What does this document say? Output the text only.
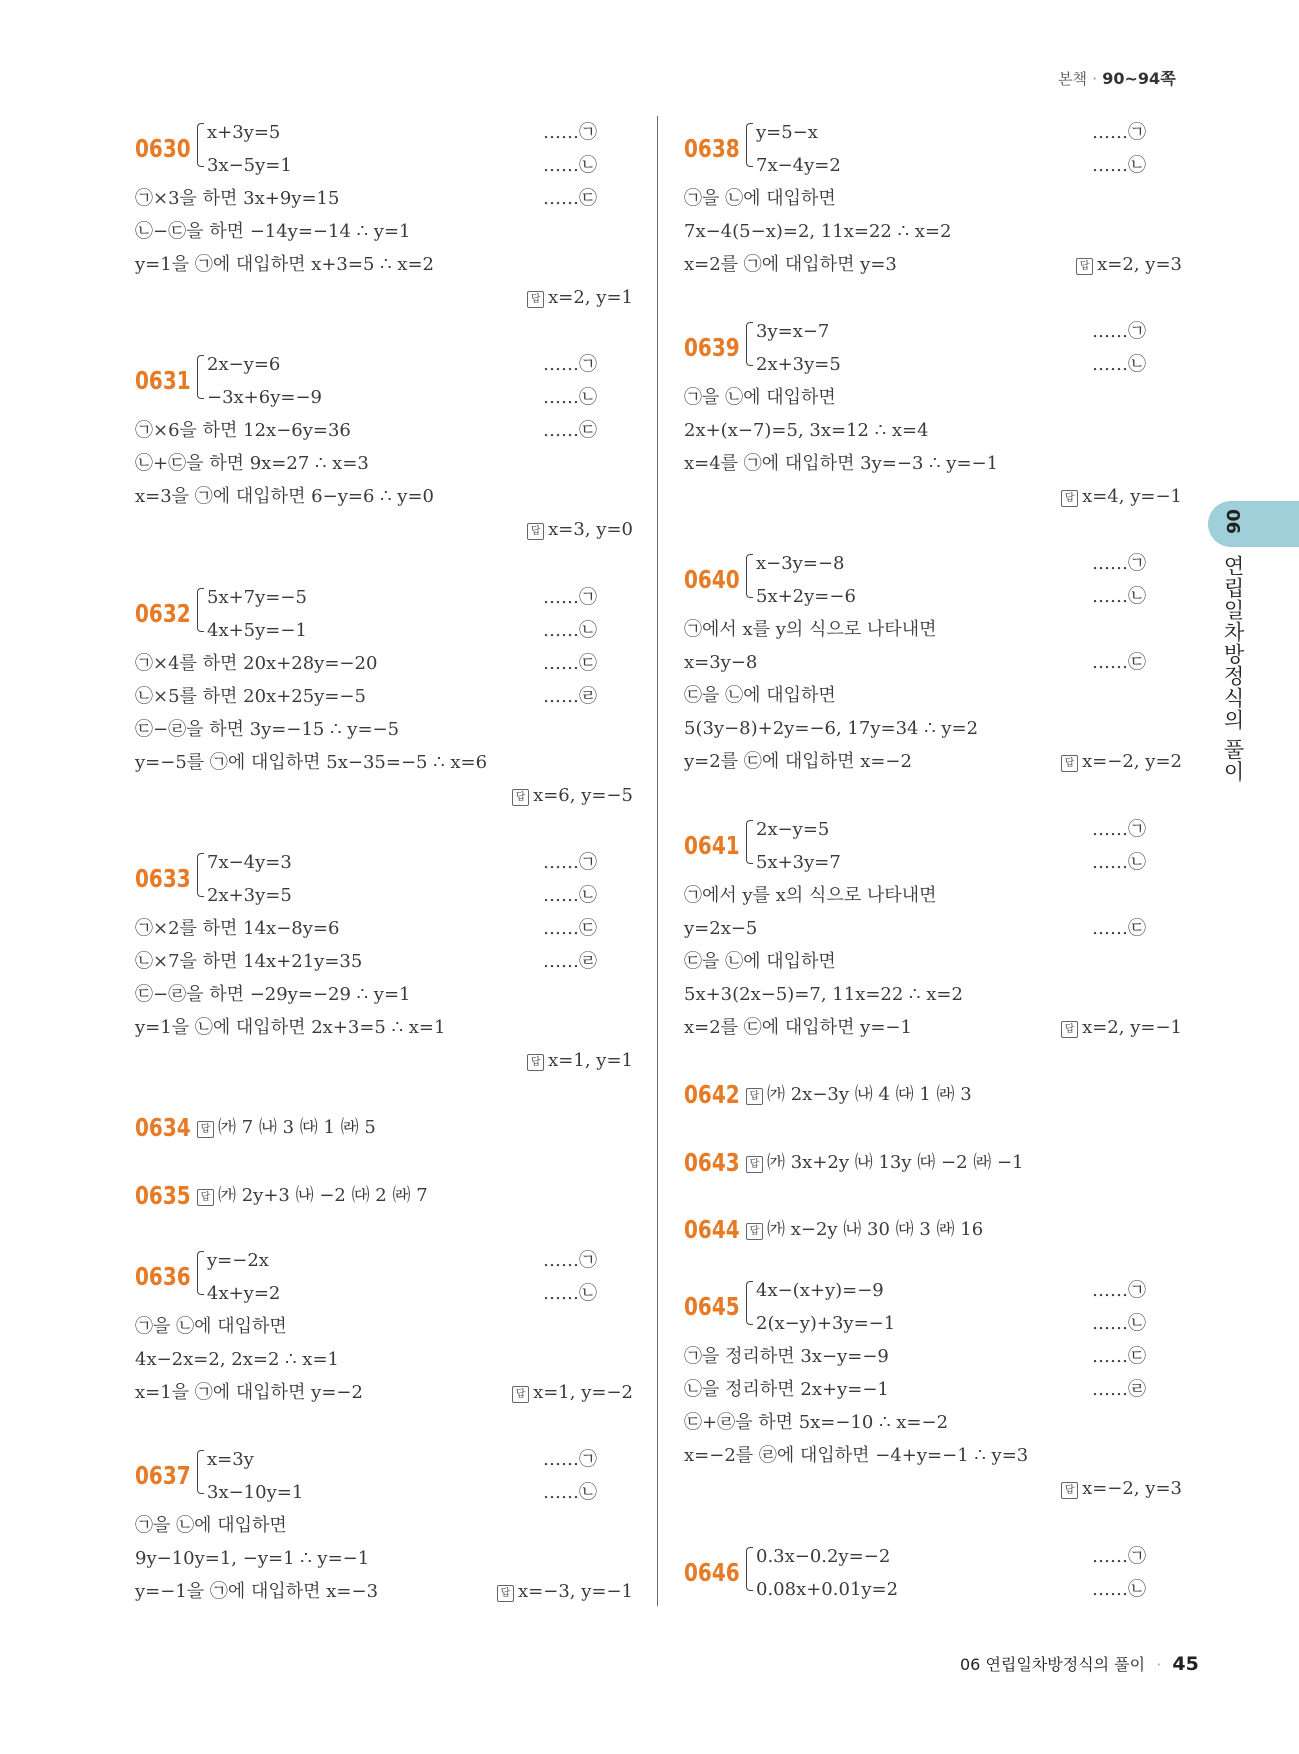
본책 · 90~94쪽
0630
x+3y=5	……㉠
3x−5y=1	……㉡
㉠×3을 하면 3x+9y=15	……㉢
㉡−㉢을 하면 −14y=−14 ∴ y=1
y=1을 ㉠에 대입하면 x+3=5 ∴ x=2
답 x=2, y=1
0631
2x−y=6	……㉠
−3x+6y=−9	……㉡
㉠×6을 하면 12x−6y=36	……㉢
㉡+㉢을 하면 9x=27 ∴ x=3
x=3을 ㉠에 대입하면 6−y=6 ∴ y=0
답 x=3, y=0
0632
5x+7y=−5	……㉠
4x+5y=−1	……㉡
㉠×4를 하면 20x+28y=−20	……㉢
㉡×5를 하면 20x+25y=−5	……㉣
㉢−㉣을 하면 3y=−15 ∴ y=−5
y=−5를 ㉠에 대입하면 5x−35=−5 ∴ x=6
답 x=6, y=−5
0633
7x−4y=3	……㉠
2x+3y=5	……㉡
㉠×2를 하면 14x−8y=6	……㉢
㉡×7을 하면 14x+21y=35	……㉣
㉢−㉣을 하면 −29y=−29 ∴ y=1
y=1을 ㉡에 대입하면 2x+3=5 ∴ x=1
답 x=1, y=1
0634 답 ㈎ 7 ㈏ 3 ㈐ 1 ㈑ 5
0635 답 ㈎ 2y+3 ㈏ −2 ㈐ 2 ㈑ 7
0636
y=−2x	……㉠
4x+y=2	……㉡
㉠을 ㉡에 대입하면
4x−2x=2, 2x=2 ∴ x=1
x=1을 ㉠에 대입하면 y=−2	답 x=1, y=−2
0637
x=3y	……㉠
3x−10y=1	……㉡
㉠을 ㉡에 대입하면
9y−10y=1, −y=1 ∴ y=−1
y=−1을 ㉠에 대입하면 x=−3	답 x=−3, y=−1
0638
y=5−x	……㉠
7x−4y=2	……㉡
㉠을 ㉡에 대입하면
7x−4(5−x)=2, 11x=22 ∴ x=2
x=2를 ㉠에 대입하면 y=3	답 x=2, y=3
0639
3y=x−7	……㉠
2x+3y=5	……㉡
㉠을 ㉡에 대입하면
2x+(x−7)=5, 3x=12 ∴ x=4
x=4를 ㉠에 대입하면 3y=−3 ∴ y=−1
답 x=4, y=−1
0640
x−3y=−8	……㉠
5x+2y=−6	……㉡
㉠에서 x를 y의 식으로 나타내면
x=3y−8	……㉢
㉢을 ㉡에 대입하면
5(3y−8)+2y=−6, 17y=34 ∴ y=2
y=2를 ㉢에 대입하면 x=−2	답 x=−2, y=2
0641
2x−y=5	……㉠
5x+3y=7	……㉡
㉠에서 y를 x의 식으로 나타내면
y=2x−5	……㉢
㉢을 ㉡에 대입하면
5x+3(2x−5)=7, 11x=22 ∴ x=2
x=2를 ㉢에 대입하면 y=−1	답 x=2, y=−1
0642 답 ㈎ 2x−3y ㈏ 4 ㈐ 1 ㈑ 3
0643 답 ㈎ 3x+2y ㈏ 13y ㈐ −2 ㈑ −1
0644 답 ㈎ x−2y ㈏ 30 ㈐ 3 ㈑ 16
0645
4x−(x+y)=−9	……㉠
2(x−y)+3y=−1	……㉡
㉠을 정리하면 3x−y=−9	……㉢
㉡을 정리하면 2x+y=−1	……㉣
㉢+㉣을 하면 5x=−10 ∴ x=−2
x=−2를 ㉣에 대입하면 −4+y=−1 ∴ y=3
답 x=−2, y=3
0646
0.3x−0.2y=−2	……㉠
0.08x+0.01y=2	……㉡
06
연립일차방정식의 풀이
06 연립일차방정식의 풀이 · 45
